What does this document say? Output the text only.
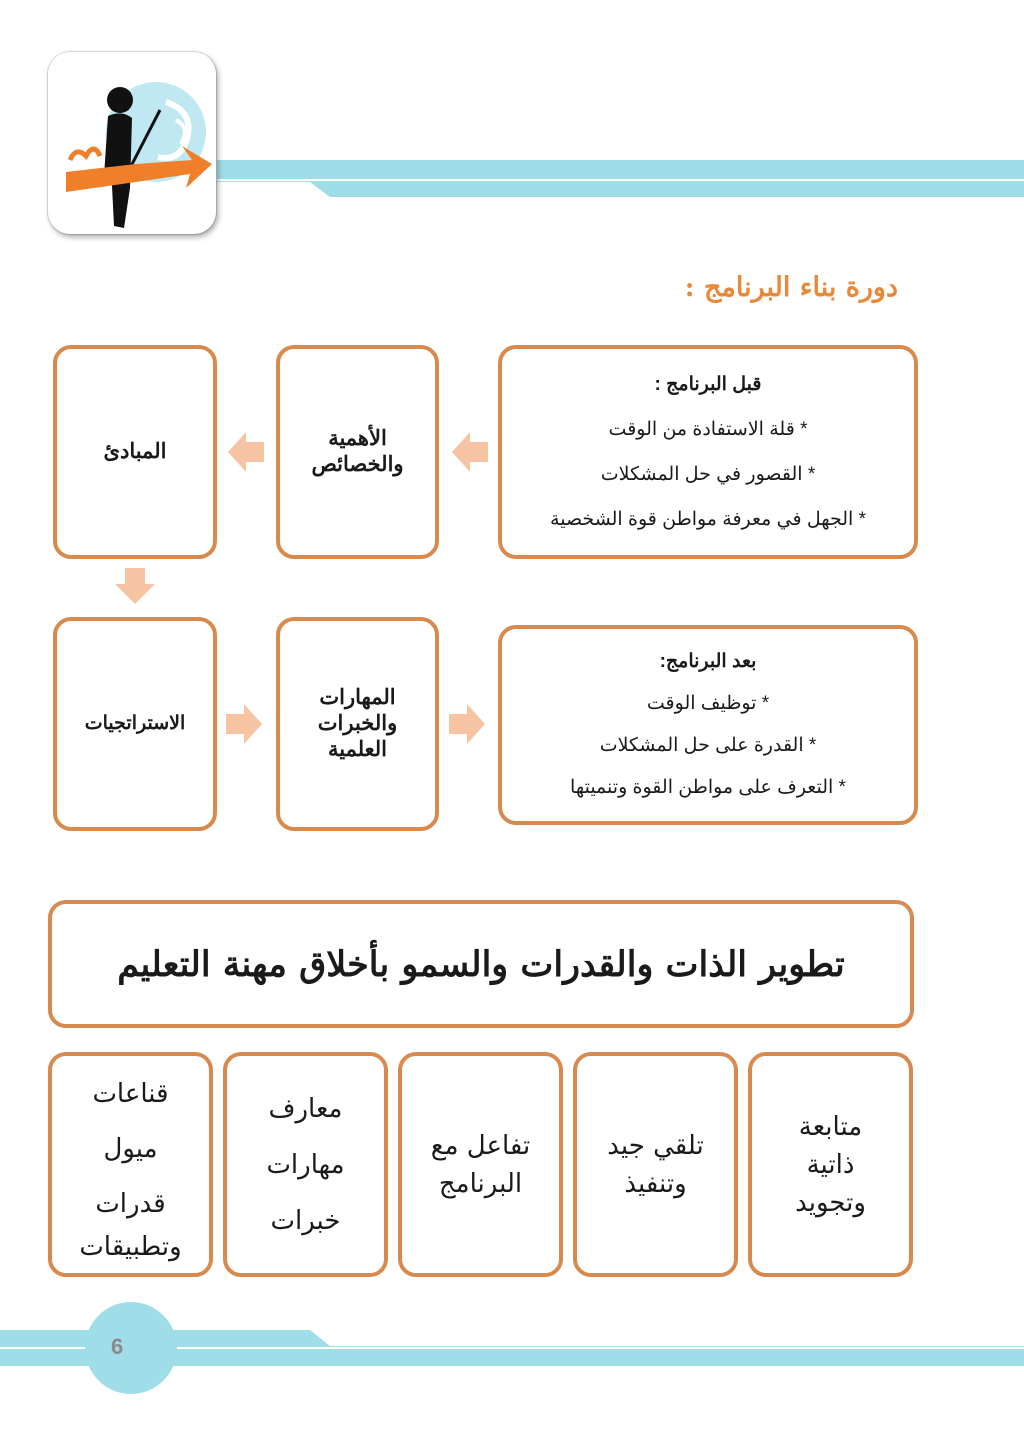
دورة بناء البرنامج :
قبل البرنامج :
* قلة الاستفادة من الوقت
* القصور في حل المشكلات
* الجهل في معرفة مواطن قوة الشخصية
الأهمية
والخصائص
المبادئ
الاستراتجيات
المهارات
والخبرات
العلمية
بعد البرنامج:
* توظيف الوقت
* القدرة على حل المشكلات
* التعرف على مواطن القوة وتنميتها
تطوير الذات والقدرات والسمو بأخلاق مهنة التعليم
قناعات
ميول
قدرات
وتطبيقات
معارف
مهارات
خبرات
تفاعل مع
البرنامج
تلقي جيد
وتنفيذ
متابعة
ذاتية
وتجويد
6
